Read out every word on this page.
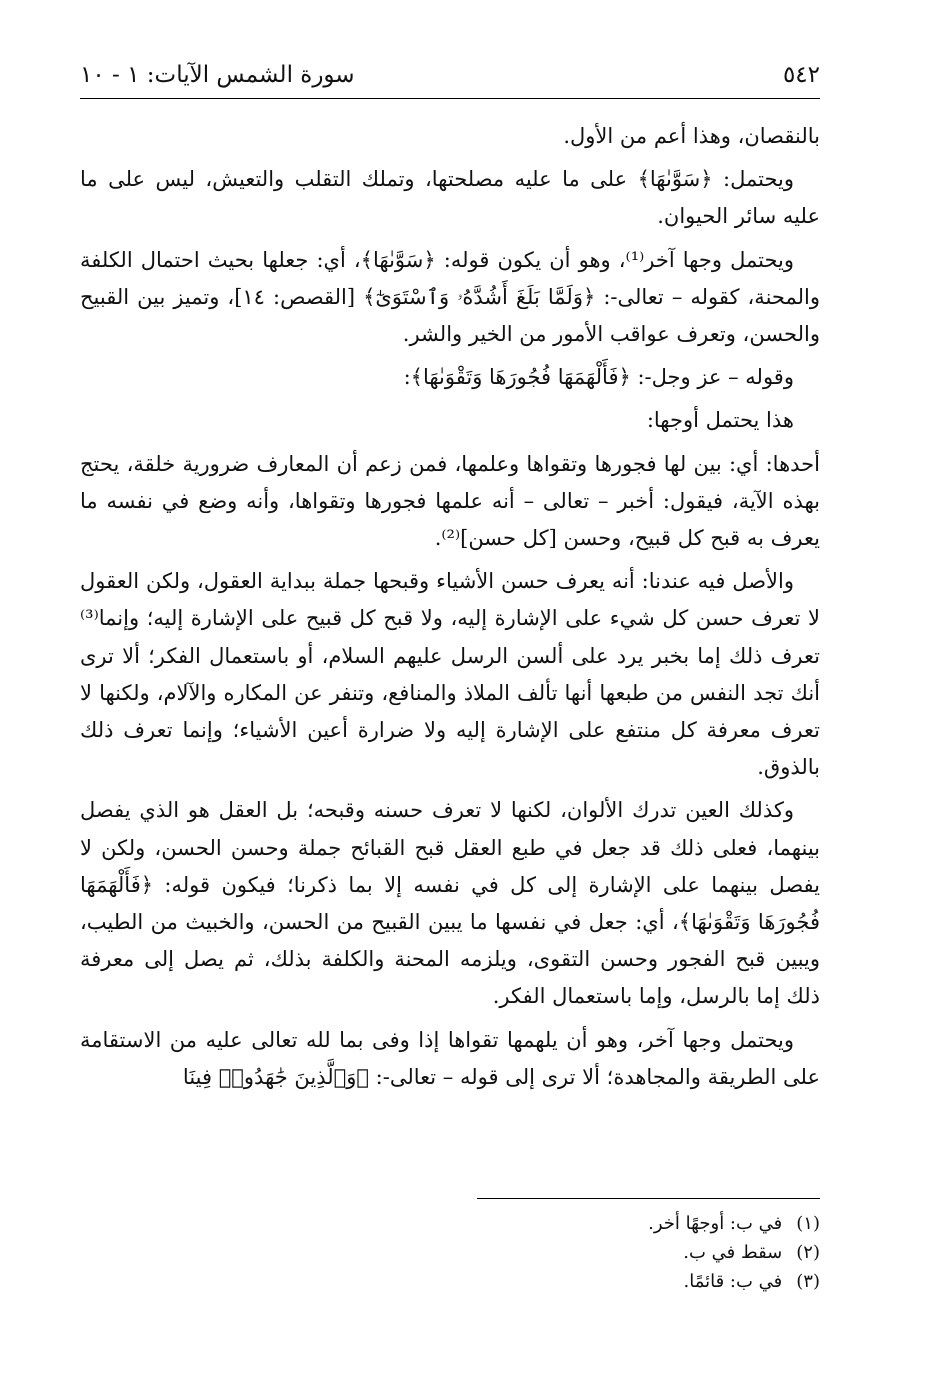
٥٤٢
سورة الشمس الآيات: ١ - ١٠

بالنقصان، وهذا أعم من الأول.

ويحتمل: ﴿سَوَّىٰهَا﴾ على ما عليه مصلحتها، وتملك التقلب والتعيش، ليس على ما عليه سائر الحيوان.

ويحتمل وجها آخر⁽¹⁾، وهو أن يكون قوله: ﴿سَوَّىٰهَا﴾، أي: جعلها بحيث احتمال الكلفة والمحنة، كقوله – تعالى-: ﴿وَلَمَّا بَلَغَ أَشُدَّهُۥ وَٱسْتَوَىٰٓ﴾ [القصص: ١٤]، وتميز بين القبيح والحسن، وتعرف عواقب الأمور من الخير والشر.

وقوله – عز وجل-: ﴿فَأَلْهَمَهَا فُجُورَهَا وَتَقْوَىٰهَا﴾:

هذا يحتمل أوجها:

أحدها: أي: بين لها فجورها وتقواها وعلمها، فمن زعم أن المعارف ضرورية خلقة، يحتج بهذه الآية، فيقول: أخبر – تعالى – أنه علمها فجورها وتقواها، وأنه وضع في نفسه ما يعرف به قبح كل قبيح، وحسن [كل حسن]⁽²⁾.

والأصل فيه عندنا: أنه يعرف حسن الأشياء وقبحها جملة ببداية العقول، ولكن العقول لا تعرف حسن كل شيء على الإشارة إليه، ولا قبح كل قبيح على الإشارة إليه؛ وإنما⁽³⁾ تعرف ذلك إما بخبر يرد على ألسن الرسل عليهم السلام، أو باستعمال الفكر؛ ألا ترى أنك تجد النفس من طبعها أنها تألف الملاذ والمنافع، وتنفر عن المكاره والآلام، ولكنها لا تعرف معرفة كل منتفع على الإشارة إليه ولا ضرارة أعين الأشياء؛ وإنما تعرف ذلك بالذوق.

وكذلك العين تدرك الألوان، لكنها لا تعرف حسنه وقبحه؛ بل العقل هو الذي يفصل بينهما، فعلى ذلك قد جعل في طبع العقل قبح القبائح جملة وحسن الحسن، ولكن لا يفصل بينهما على الإشارة إلى كل في نفسه إلا بما ذكرنا؛ فيكون قوله: ﴿فَأَلْهَمَهَا فُجُورَهَا وَتَقْوَىٰهَا﴾، أي: جعل في نفسها ما يبين القبيح من الحسن، والخبيث من الطيب، ويبين قبح الفجور وحسن التقوى، ويلزمه المحنة والكلفة بذلك، ثم يصل إلى معرفة ذلك إما بالرسل، وإما باستعمال الفكر.

ويحتمل وجها آخر، وهو أن يلهمها تقواها إذا وفى بما لله تعالى عليه من الاستقامة على الطريقة والمجاهدة؛ ألا ترى إلى قوله – تعالى-: ﴿وَٱلَّذِينَ جَٰهَدُوا۟ فِينَا

(١) في ب: أوجهًا أخر.
(٢) سقط في ب.
(٣) في ب: قائمًا.
